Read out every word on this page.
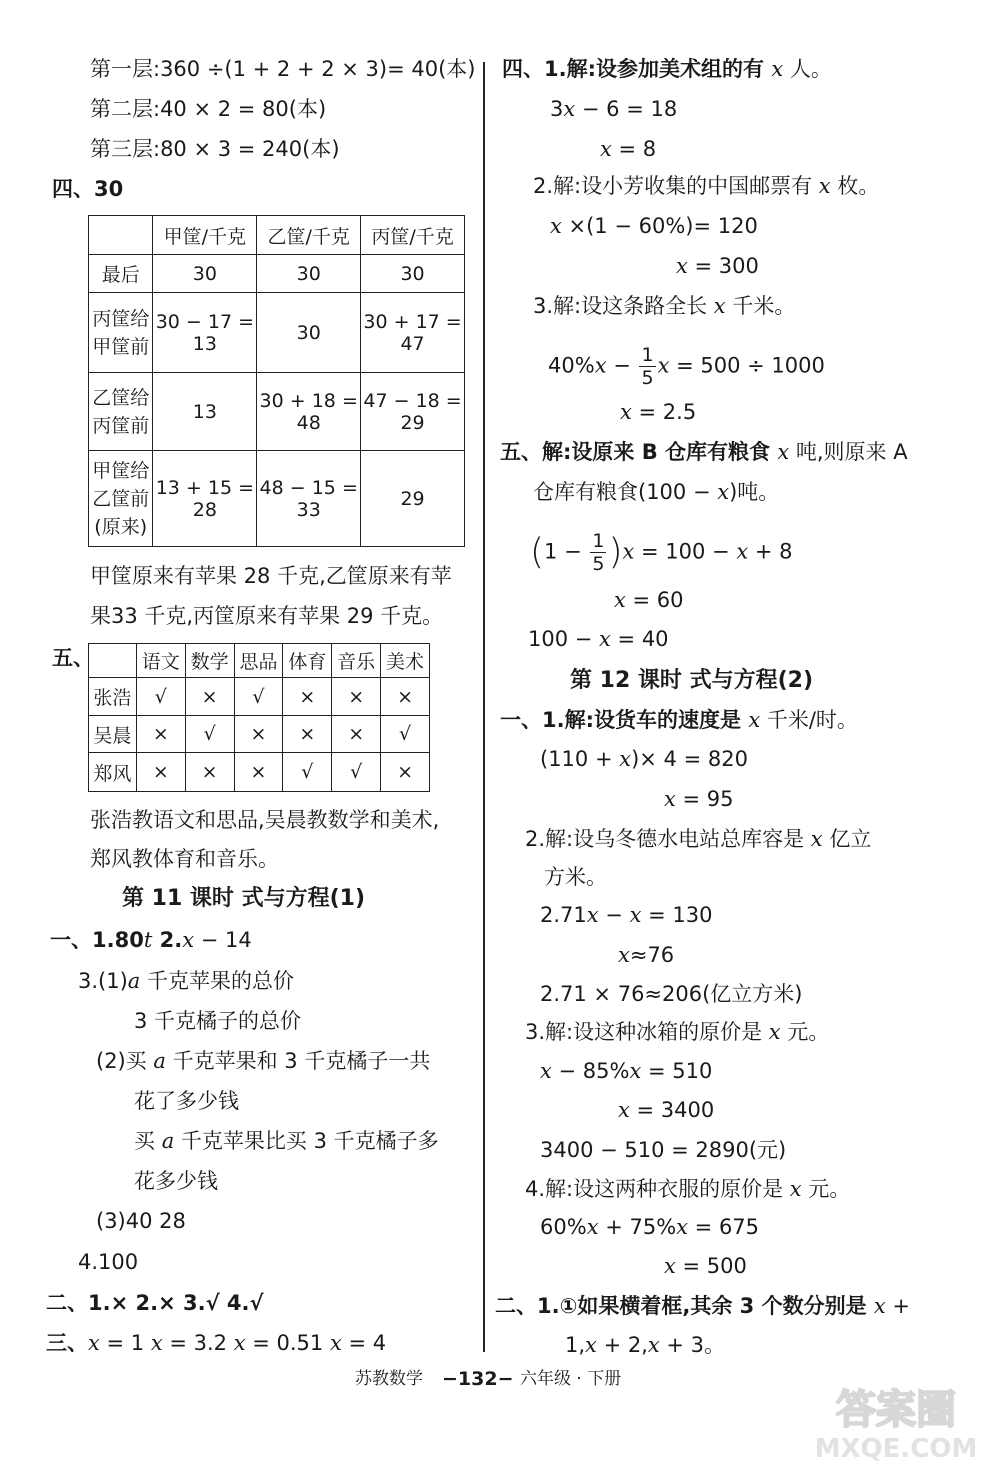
第一层:360 ÷(1 + 2 + 2 × 3)= 40(本)
第二层:40 × 2 = 80(本)
第三层:80 × 3 = 240(本)
四、30
	甲筐/千克	乙筐/千克	丙筐/千克
最后	30	30	30
丙筐给
甲筐前	30 − 17 = 13	30	30 + 17 = 47
乙筐给
丙筐前	13	30 + 18 = 48	47 − 18 = 29
甲筐给
乙筐前
(原来)	13 + 15 = 28	48 − 15 = 33	29
甲筐原来有苹果 28 千克,乙筐原来有苹
果33 千克,丙筐原来有苹果 29 千克。
五、
		语文	数学	思品	体育	音乐	美术
张浩	√	×	√	×	×	×
吴晨	×	√	×	×	×	√
郑风	×	×	×	√	√	×
张浩教语文和思品,吴晨教数学和美术,
郑风教体育和音乐。
第 11 课时 式与方程(1)
一、1.80t 2.x − 14
3.(1)a 千克苹果的总价
3 千克橘子的总价
(2)买 a 千克苹果和 3 千克橘子一共
花了多少钱
买 a 千克苹果比买 3 千克橘子多
花多少钱
(3)40 28
4.100
二、1.× 2.× 3.√ 4.√
三、x = 1 x = 3.2 x = 0.51 x = 4
四、1.解:设参加美术组的有 x 人。
3x − 6 = 18
x = 8
2.解:设小芳收集的中国邮票有 x 枚。
x ×(1 − 60%)= 120
x = 300
3.解:设这条路全长 x 千米。
$40\%x - \frac{1}{5}$ x = 500 ÷ 1000
x = 2.5
五、解:设原来 B 仓库有粮食 x 吨,则原来 A
仓库有粮食(100 − x)吨。
$(1 - \frac{1}{5} )x = 100 - x + 8$
x = 60
100 − x = 40
第 12 课时 式与方程(2)
一、1.解:设货车的速度是 x 千米/时。
(110 + x)× 4 = 820
x = 95
2.解:设乌冬德水电站总库容是 x 亿立
方米。
2.71x − x = 130
x≈76
2.71 × 76≈206(亿立方米)
3.解:设这种冰箱的原价是 x 元。
x − 85%x = 510
x = 3400
3400 − 510 = 2890(元)
4.解:设这两种衣服的原价是 x 元。
60%x + 75%x = 675
x = 500
二、1.①如果横着框,其余 3 个数分别是 x +
1,x + 2,x + 3。
苏教数学 −132− 六年级 · 下册
答案圈
MXQE.COM
